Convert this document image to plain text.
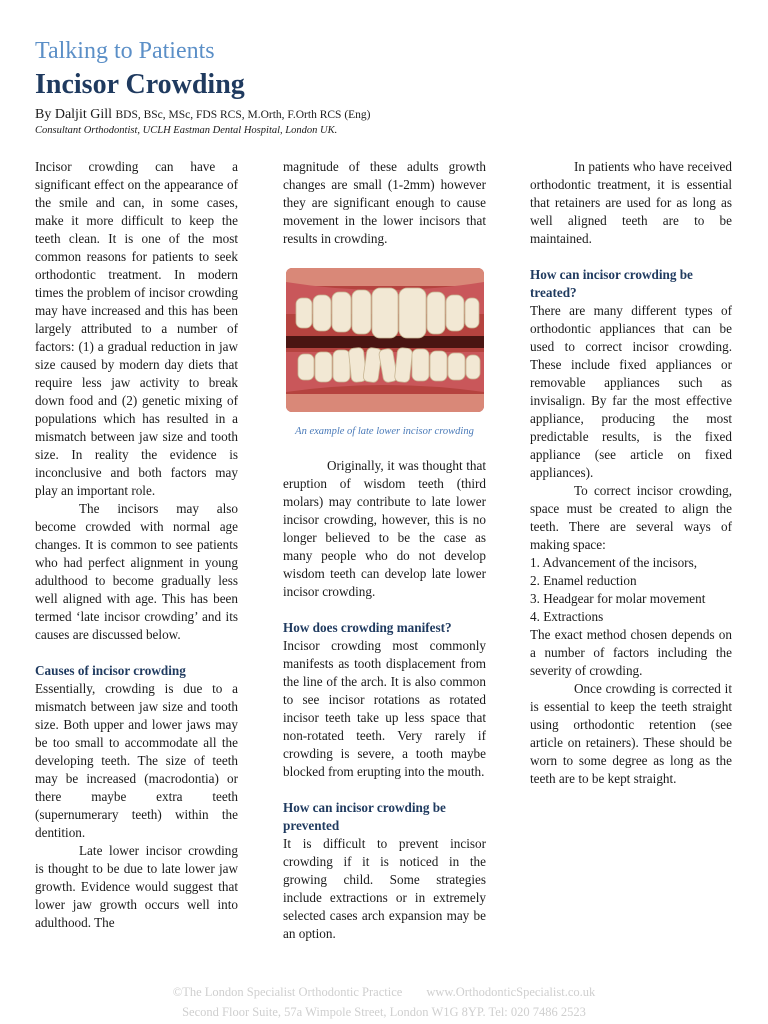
Talking to Patients
Incisor Crowding
By Daljit Gill BDS, BSc, MSc, FDS RCS, M.Orth, F.Orth RCS (Eng)
Consultant Orthodontist, UCLH Eastman Dental Hospital, London UK.

Incisor crowding can have a significant effect on the appearance of the smile and can, in some cases, make it more difficult to keep the teeth clean. It is one of the most common reasons for patients to seek orthodontic treatment. In modern times the problem of incisor crowding may have increased and this has been largely attributed to a number of factors: (1) a gradual reduction in jaw size caused by modern day diets that require less jaw activity to break down food and (2) genetic mixing of populations which has resulted in a mismatch between jaw size and tooth size. In reality the evidence is inconclusive and both factors may play an important role.

The incisors may also become crowded with normal age changes. It is common to see patients who had perfect alignment in young adulthood to become gradually less well aligned with age. This has been termed ‘late incisor crowding’ and its causes are discussed below.

Causes of incisor crowding

Essentially, crowding is due to a mismatch between jaw size and tooth size. Both upper and lower jaws may be too small to accommodate all the developing teeth. The size of teeth may be increased (macrodontia) or there maybe extra teeth (supernumerary teeth) within the dentition.

Late lower incisor crowding is thought to be due to late lower jaw growth. Evidence would suggest that lower jaw growth occurs well into adulthood. The

magnitude of these adults growth changes are small (1-2mm) however they are significant enough to cause movement in the lower incisors that results in crowding.

An example of late lower incisor crowding

Originally, it was thought that eruption of wisdom teeth (third molars) may contribute to late lower incisor crowding, however, this is no longer believed to be the case as many people who do not develop wisdom teeth can develop late lower incisor crowding.

How does crowding manifest?

Incisor crowding most commonly manifests as tooth displacement from the line of the arch. It is also common to see incisor rotations as rotated incisor teeth take up less space that non-rotated teeth. Very rarely if crowding is severe, a tooth maybe blocked from erupting into the mouth.

How can incisor crowding be prevented

It is difficult to prevent incisor crowding if it is noticed in the growing child. Some strategies include extractions or in extremely selected cases arch expansion may be an option.

In patients who have received orthodontic treatment, it is essential that retainers are used for as long as well aligned teeth are to be maintained.

How can incisor crowding be treated?

There are many different types of orthodontic appliances that can be used to correct incisor crowding. These include fixed appliances or removable appliances such as invisalign. By far the most effective appliance, producing the most predictable results, is the fixed appliance (see article on fixed appliances).

To correct incisor crowding, space must be created to align the teeth. There are several ways of making space:

1. Advancement of the incisors,
2. Enamel reduction
3. Headgear for molar movement
4. Extractions

The exact method chosen depends on a number of factors including the severity of crowding.

Once crowding is corrected it is essential to keep the teeth straight using orthodontic retention (see article on retainers). These should be worn to some degree as long as the teeth are to be kept straight.

©The London Specialist Orthodontic Practice www.OrthodonticSpecialist.co.uk
Second Floor Suite, 57a Wimpole Street, London W1G 8YP. Tel: 020 7486 2523
